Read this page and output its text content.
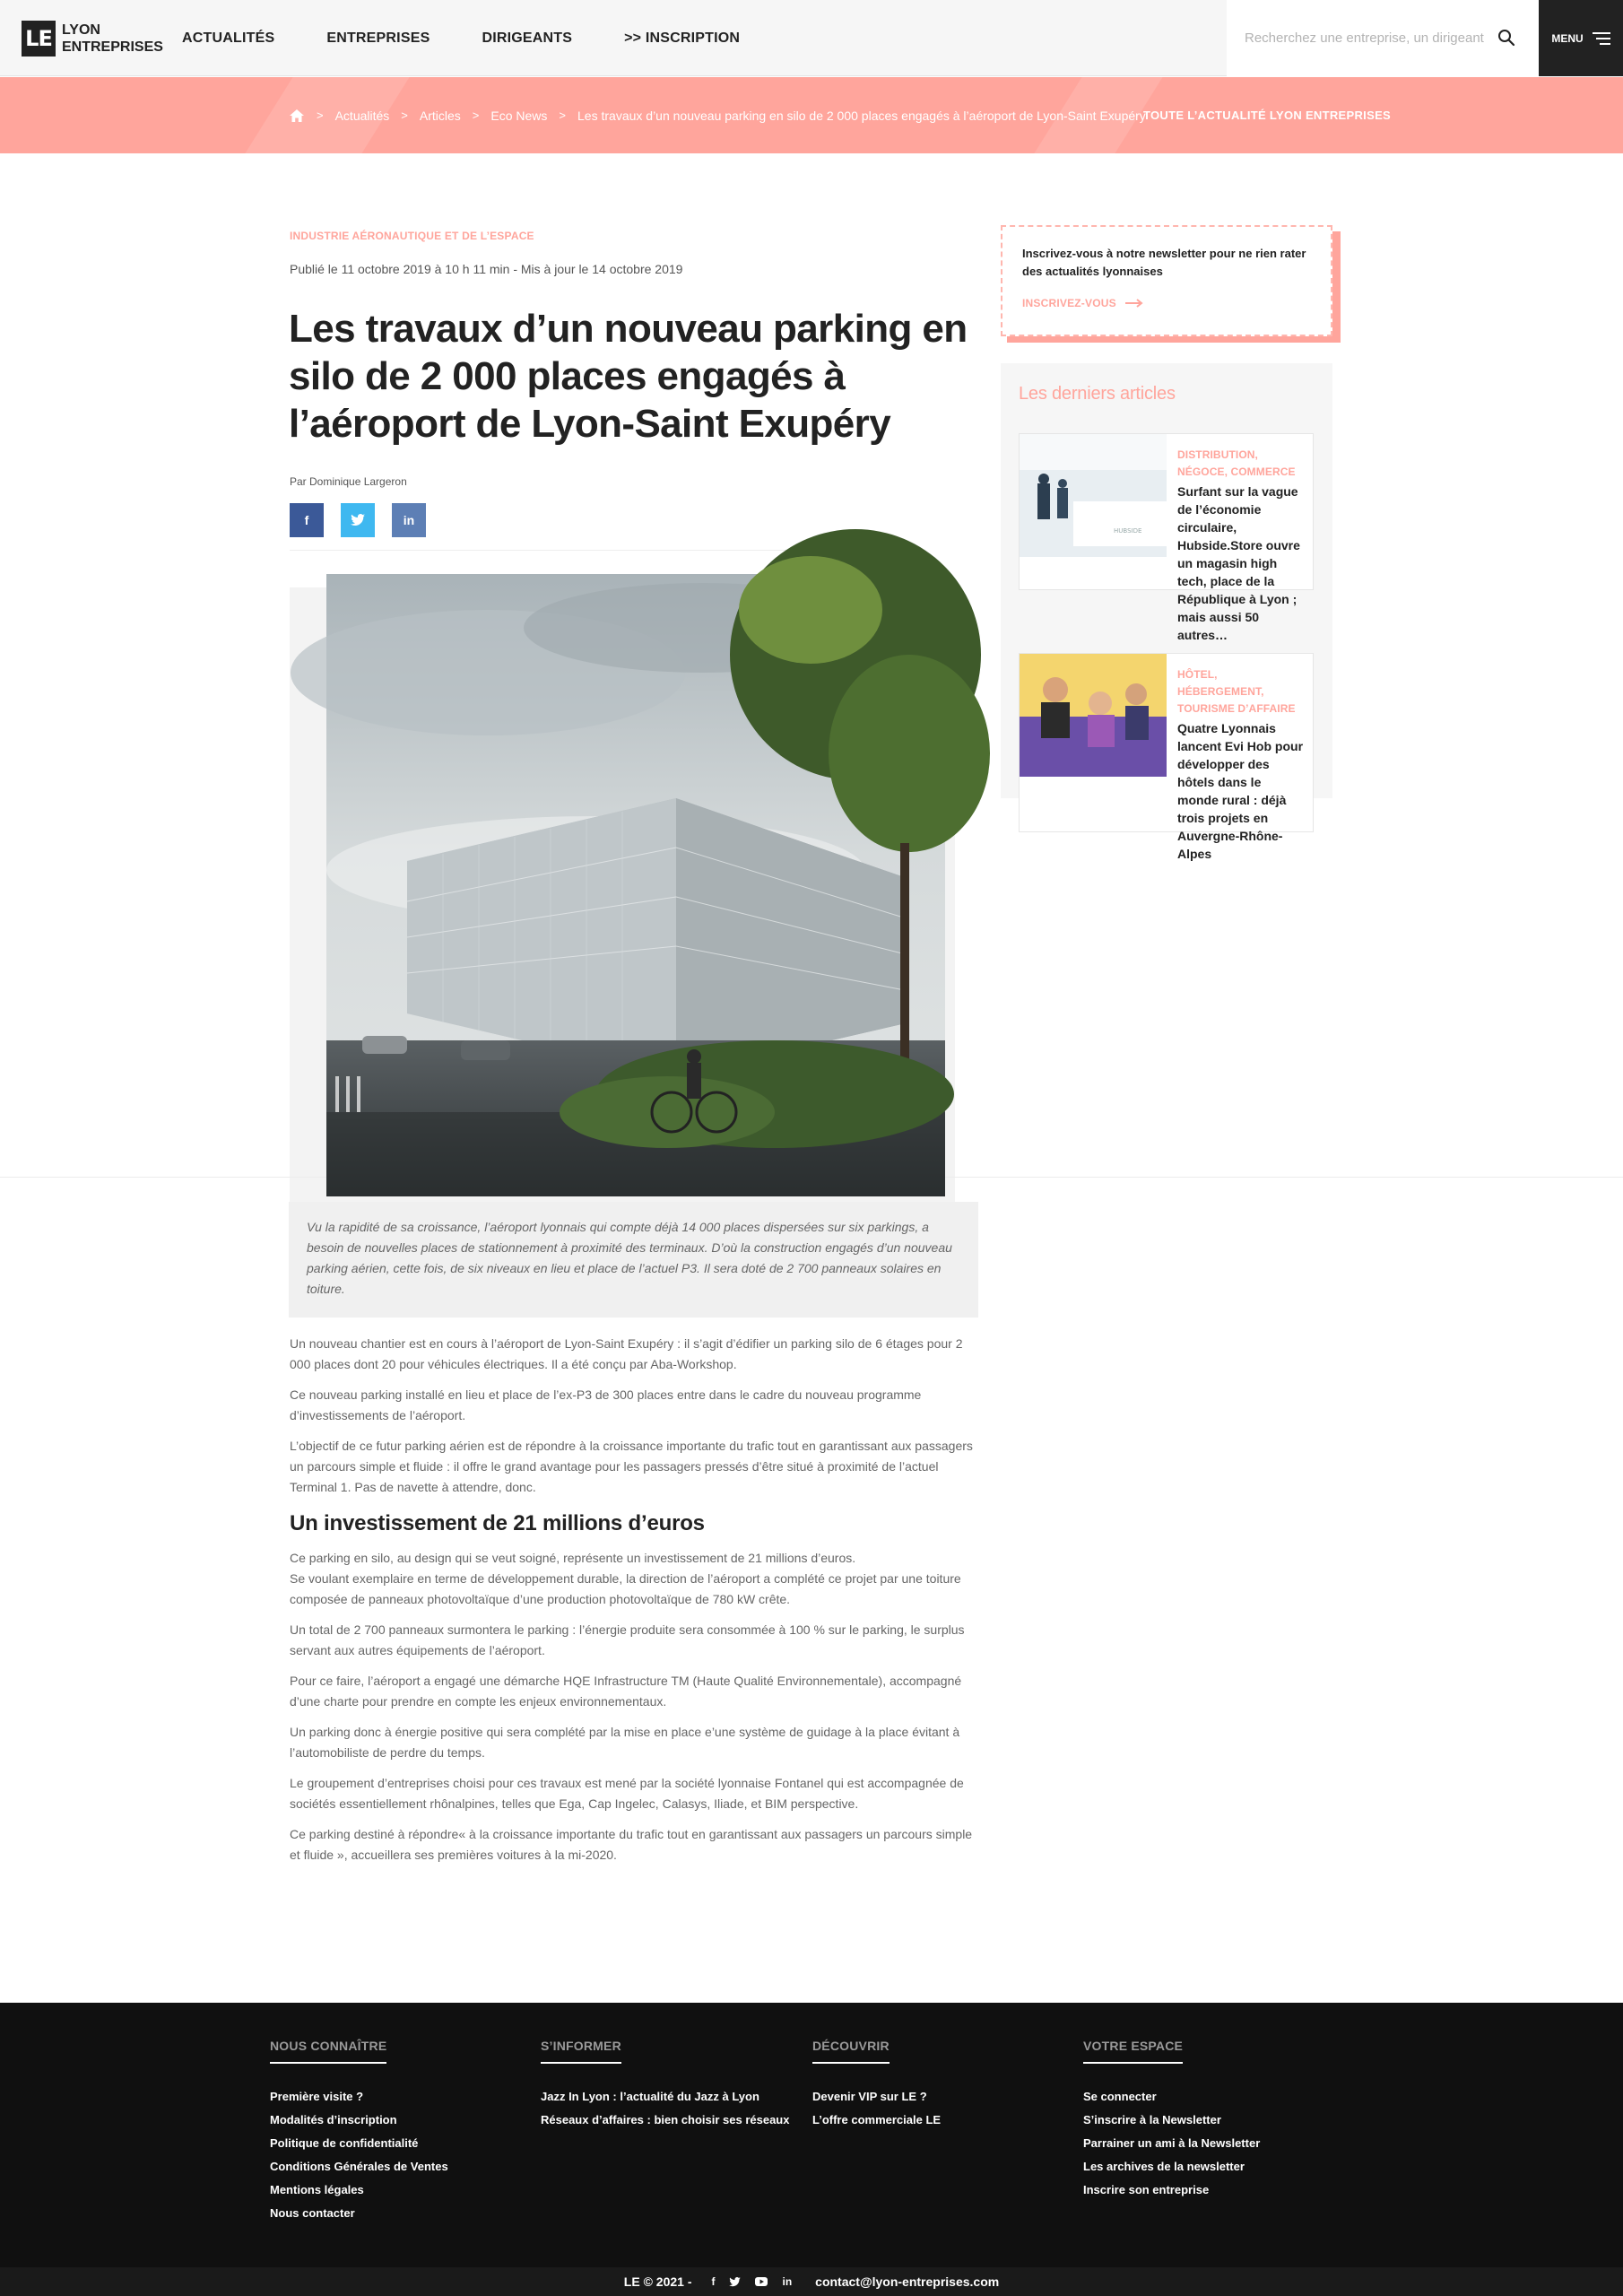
LE LYON
ENTREPRISES
ACTUALITÉS	ENTREPRISES	DIRIGEANTS	>> INSCRIPTION
Recherchez une entreprise, un dirigeant	MENU
> Actualités > Articles > Eco News > Les travaux d’un nouveau parking en silo de 2 000 places engagés à l’aéroport de Lyon-Saint Exupéry
TOUTE L’ACTUALITÉ LYON ENTREPRISES
INDUSTRIE AÉRONAUTIQUE ET DE L’ESPACE
Publié le 11 octobre 2019 à 10 h 11 min - Mis à jour le 14 octobre 2019
Les travaux d’un nouveau parking en silo de 2 000 places engagés à l’aéroport de Lyon-Saint Exupéry
Par Dominique Largeron
f	in
Vu la rapidité de sa croissance, l’aéroport lyonnais qui compte déjà 14 000 places dispersées sur six parkings, a besoin de nouvelles places de stationnement à proximité des terminaux. D’où la construction engagés d’un nouveau parking aérien, cette fois, de six niveaux en lieu et place de l’actuel P3. Il sera doté de 2 700 panneaux solaires en toiture.

Un nouveau chantier est en cours à l’aéroport de Lyon-Saint Exupéry : il s’agit d’édifier un parking silo de 6 étages pour 2 000 places dont 20 pour véhicules électriques. Il a été conçu par Aba-Workshop.

Ce nouveau parking installé en lieu et place de l’ex-P3 de 300 places entre dans le cadre du nouveau programme d’investissements de l’aéroport.

L’objectif de ce futur parking aérien est de répondre à la croissance importante du trafic tout en garantissant aux passagers un parcours simple et fluide : il offre le grand avantage pour les passagers pressés d’être situé à proximité de l’actuel Terminal 1. Pas de navette à attendre, donc.

Un investissement de 21 millions d’euros

Ce parking en silo, au design qui se veut soigné, représente un investissement de 21 millions d’euros.
Se voulant exemplaire en terme de développement durable, la direction de l’aéroport a complété ce projet par une toiture composée de panneaux photovoltaïque d’une production photovoltaïque de 780 kW crête.

Un total de 2 700 panneaux surmontera le parking : l’énergie produite sera consommée à 100 % sur le parking, le surplus servant aux autres équipements de l’aéroport.

Pour ce faire, l’aéroport a engagé une démarche HQE Infrastructure TM (Haute Qualité Environnementale), accompagné d’une charte pour prendre en compte les enjeux environnementaux.

Un parking donc à énergie positive qui sera complété par la mise en place e’une système de guidage à la place évitant à l’automobiliste de perdre du temps.

Le groupement d’entreprises choisi pour ces travaux est mené par la société lyonnaise Fontanel qui est accompagnée de sociétés essentiellement rhônalpines, telles que Ega, Cap Ingelec, Calasys, Iliade, et BIM perspective.

Ce parking destiné à répondre« à la croissance importante du trafic tout en garantissant aux passagers un parcours simple et fluide », accueillera ses premières voitures à la mi-2020.

Inscrivez-vous à notre newsletter pour ne rien rater des actualités lyonnaises
INSCRIVEZ-VOUS
Les derniers articles
HUBSIDE
DISTRIBUTION, NÉGOCE, COMMERCE
Surfant sur la vague de l’économie circulaire, Hubside.Store ouvre un magasin high tech, place de la République à Lyon ; mais aussi 50 autres…
HÔTEL, HÉBERGEMENT, TOURISME D’AFFAIRE
Quatre Lyonnais lancent Evi Hob pour développer des hôtels dans le monde rural : déjà trois projets en Auvergne-Rhône-Alpes
NOUS CONNAÎTRE
Première visite ?
Modalités d’inscription
Politique de confidentialité
Conditions Générales de Ventes
Mentions légales
Nous contacter
S’INFORMER
Jazz In Lyon : l’actualité du Jazz à Lyon
Réseaux d’affaires : bien choisir ses réseaux
DÉCOUVRIR
Devenir VIP sur LE ?
L’offre commerciale LE
VOTRE ESPACE
Se connecter
S’inscrire à la Newsletter
Parrainer un ami à la Newsletter
Les archives de la newsletter
Inscrire son entreprise
LE © 2021 - f	in contact@lyon-entreprises.com
